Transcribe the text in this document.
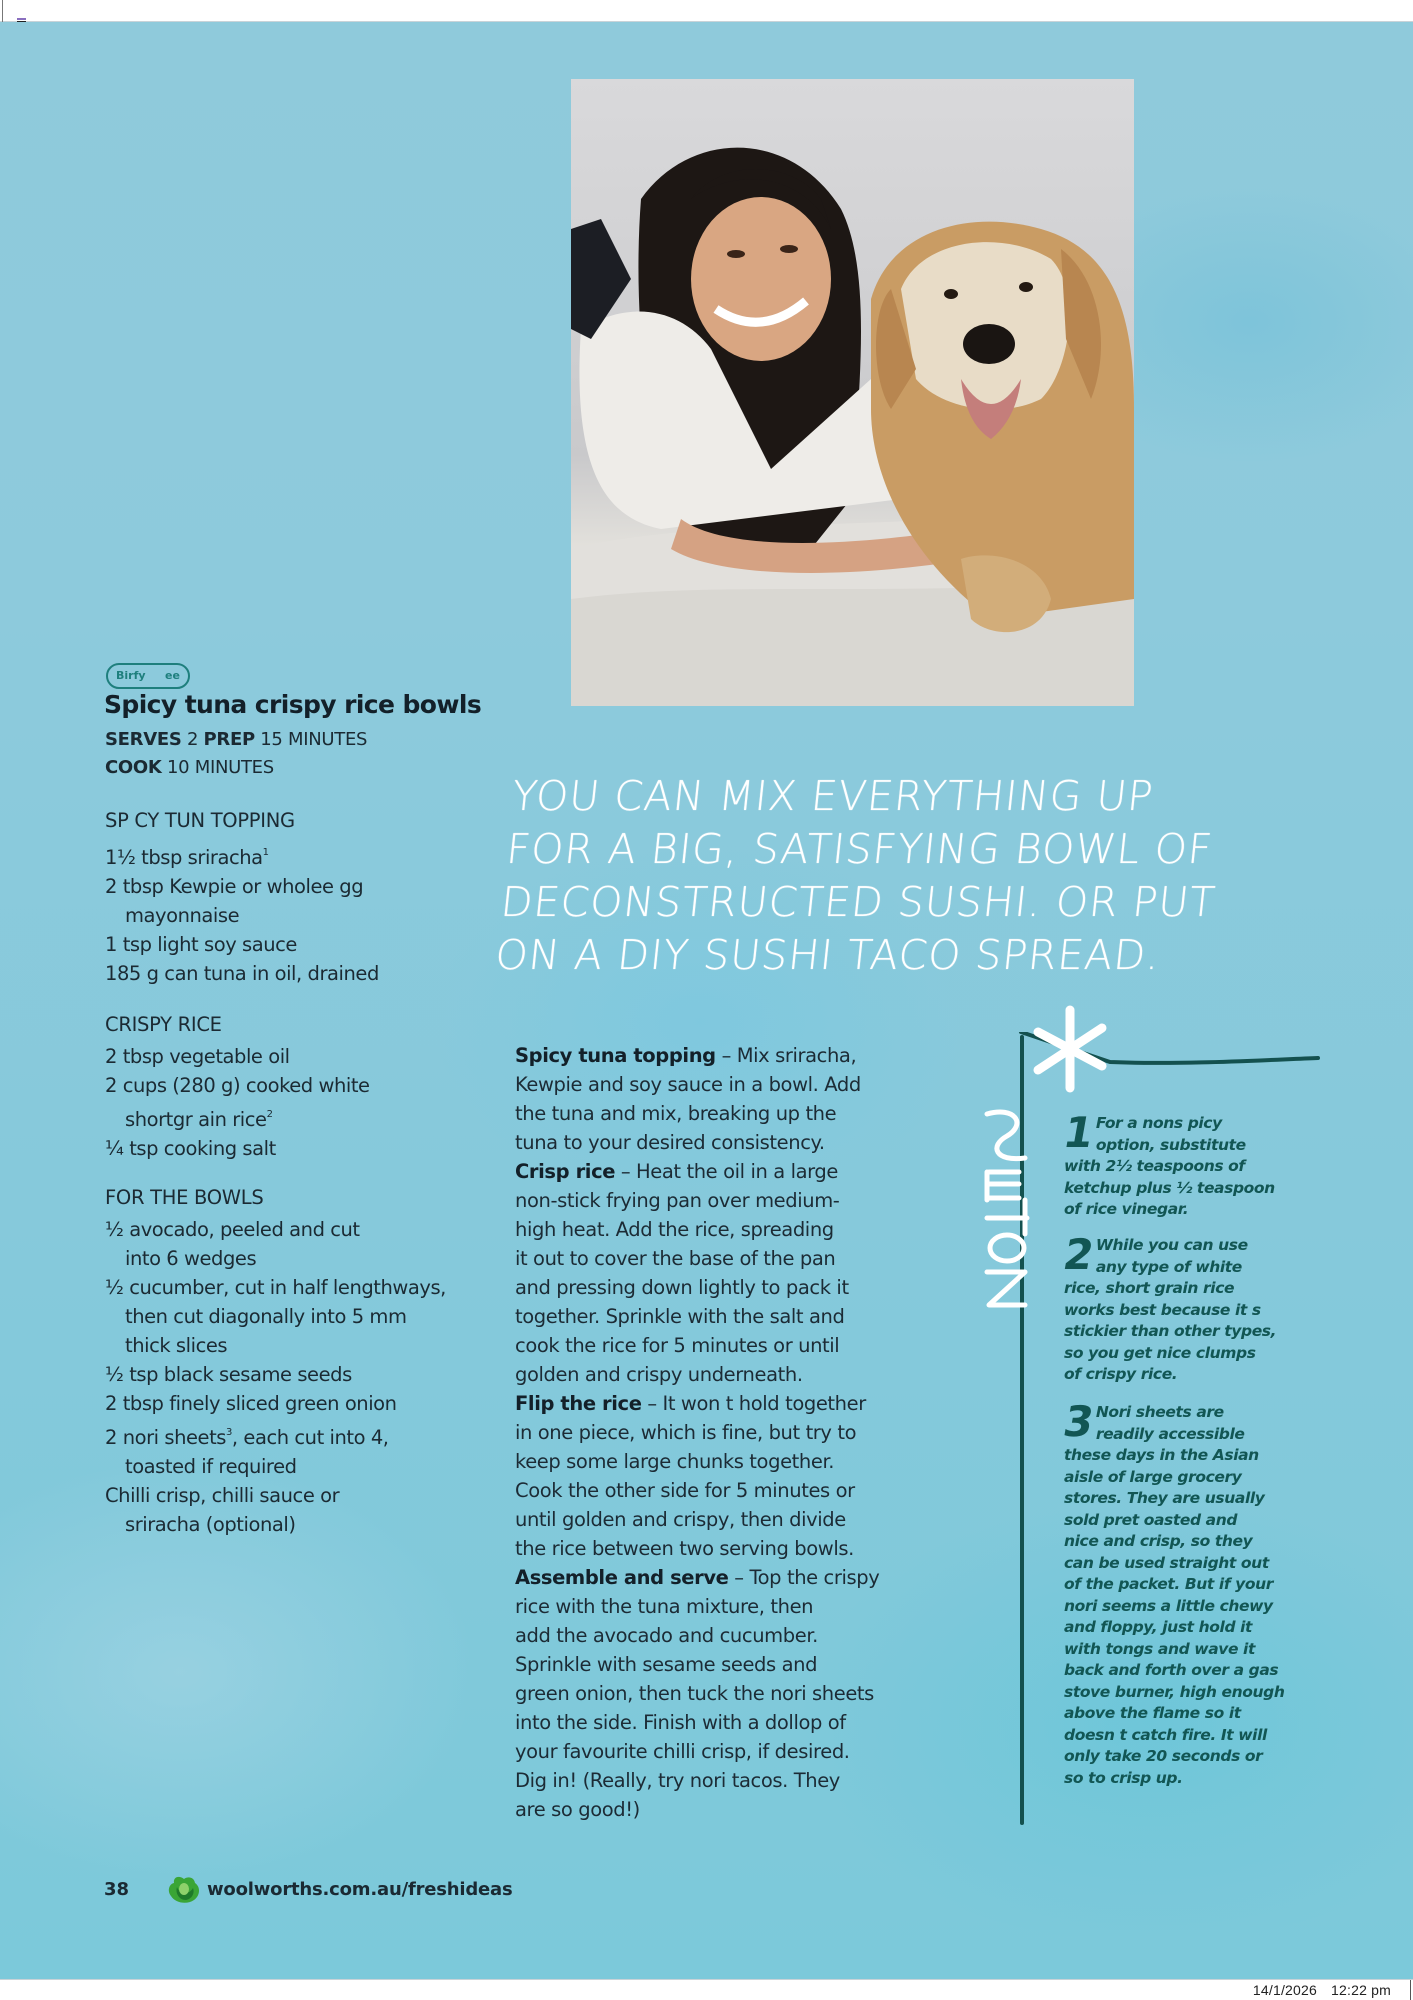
Birfy ee
Spicy tuna crispy rice bowls
SERVES 2 PREP 15 MINUTES
COOK 10 MINUTES
SP CY TUN TOPPING
1½ tbsp sriracha$^1$
2 tbsp Kewpie or wholee gg
mayonnaise
1 tsp light soy sauce
185 g can tuna in oil, drained
CRISPY RICE
2 tbsp vegetable oil
2 cups (280 g) cooked white
shortgr ain rice$^2$
¼ tsp cooking salt
FOR THE BOWLS
½ avocado, peeled and cut
into 6 wedges
½ cucumber, cut in half lengthways,
then cut diagonally into 5 mm
thick slices
½ tsp black sesame seeds
2 tbsp finely sliced green onion
2 nori sheets$^3$, each cut into 4,
toasted if required
Chilli crisp, chilli sauce or
sriracha (optional)
YOU CAN MIX EVERYTHING UP
FOR A BIG, SATISFYING BOWL OF
DECONSTRUCTED SUSHI. OR PUT
ON A DIY SUSHI TACO SPREAD.
Spicy tuna topping – Mix sriracha,
Kewpie and soy sauce in a bowl. Add
the tuna and mix, breaking up the
tuna to your desired consistency.
Crisp rice – Heat the oil in a large
non-stick frying pan over medium-
high heat. Add the rice, spreading
it out to cover the base of the pan
and pressing down lightly to pack it
together. Sprinkle with the salt and
cook the rice for 5 minutes or until
golden and crispy underneath.
Flip the rice – It won t hold together
in one piece, which is fine, but try to
keep some large chunks together.
Cook the other side for 5 minutes or
until golden and crispy, then divide
the rice between two serving bowls.
Assemble and serve – Top the crispy
rice with the tuna mixture, then
add the avocado and cucumber.
Sprinkle with sesame seeds and
green onion, then tuck the nori sheets
into the side. Finish with a dollop of
your favourite chilli crisp, if desired.
Dig in! (Really, try nori tacos. They
are so good!)
1
For a nons picy
option, substitute
with 2½ teaspoons of
ketchup plus ½ teaspoon
of rice vinegar.
2
While you can use
any type of white
rice, short grain rice
works best because it s
stickier than other types,
so you get nice clumps
of crispy rice.
3
Nori sheets are
readily accessible
these days in the Asian
aisle of large grocery
stores. They are usually
sold pret oasted and
nice and crisp, so they
can be used straight out
of the packet. But if your
nori seems a little chewy
and floppy, just hold it
with tongs and wave it
back and forth over a gas
stove burner, high enough
above the flame so it
doesn t catch fire. It will
only take 20 seconds or
so to crisp up.
38	woolworths.com.au/freshideas
14/1/2026 12:22 pm
